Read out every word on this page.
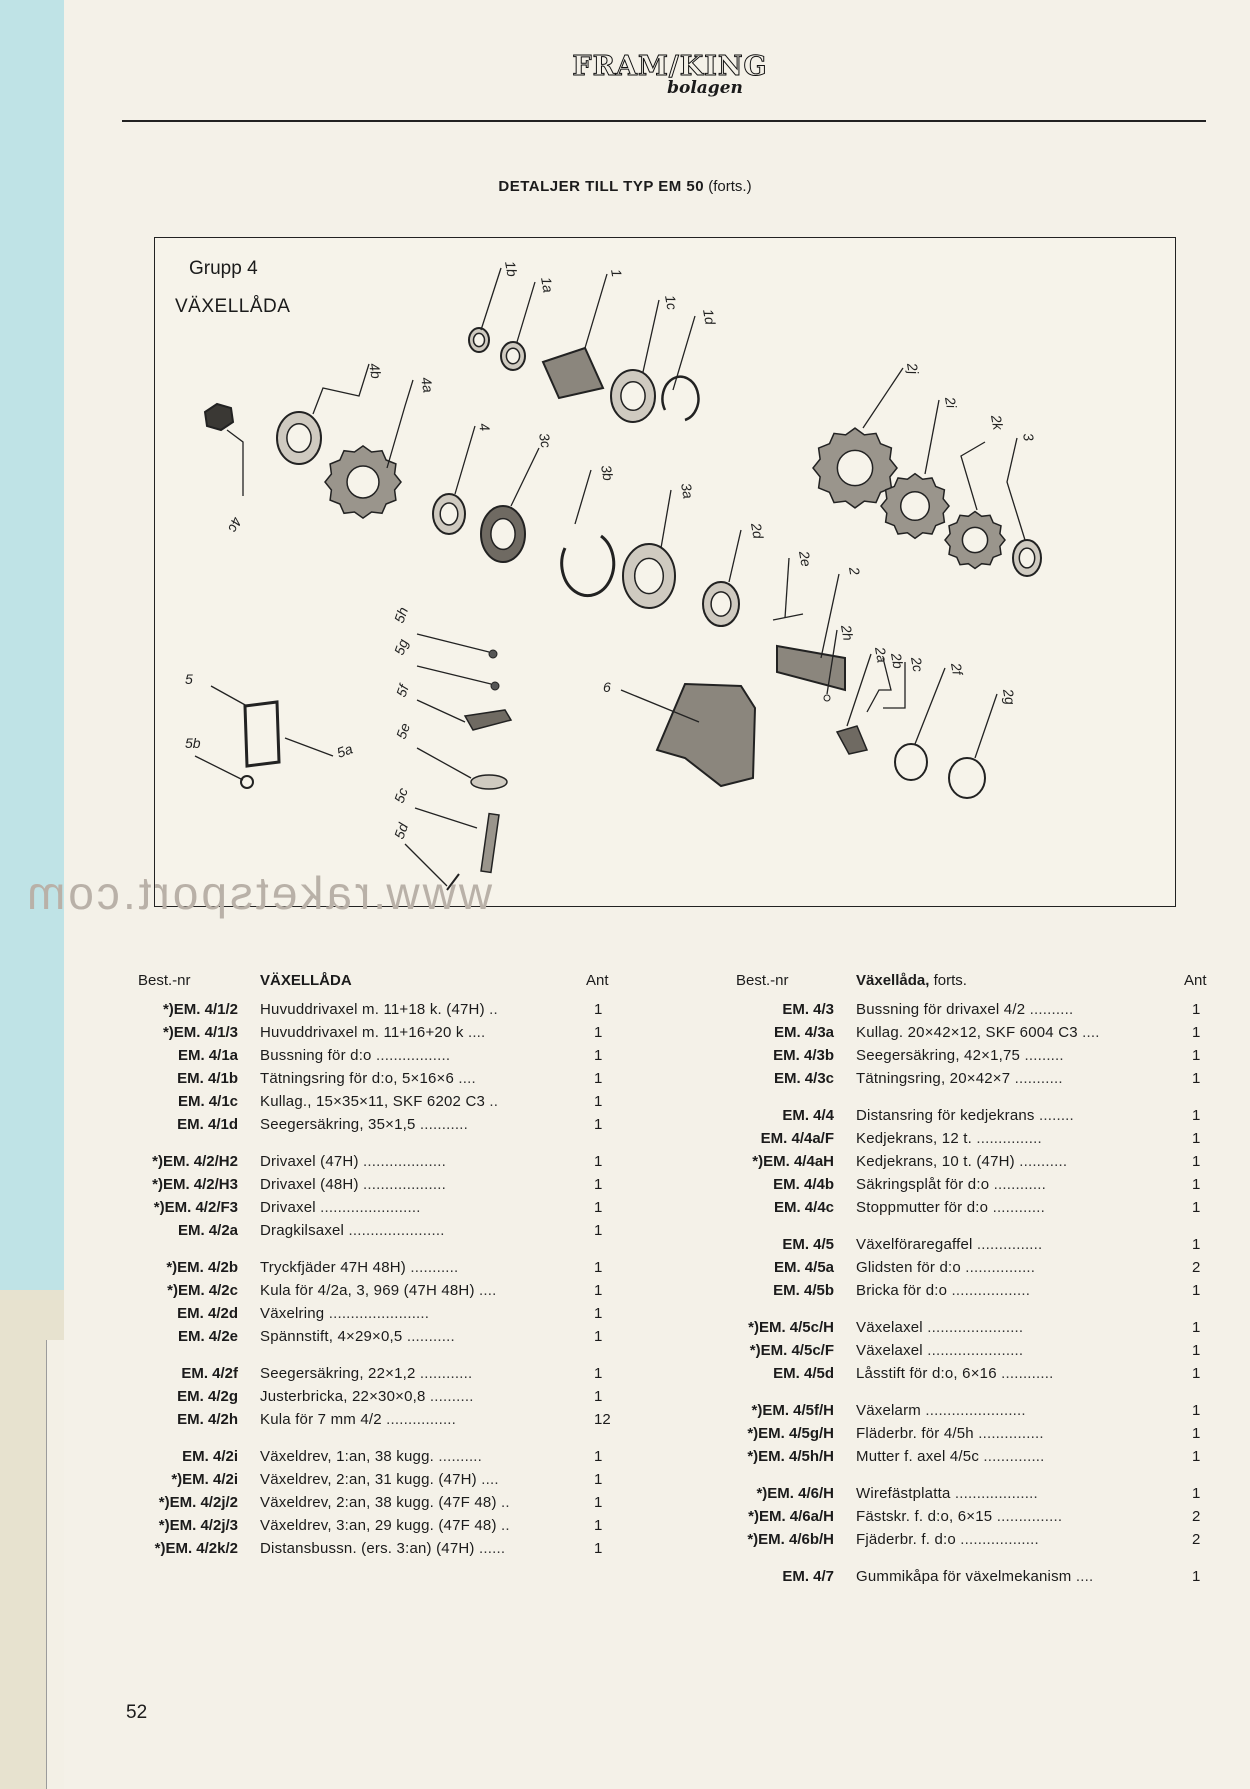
FRAM/KING
bolagen
DETALJER TILL TYP EM 50 (forts.)
Grupp 4
VÄXELLÅDA
4c
4b
4a
4
3c
3b
3a
2d
2e
2
2j
2i
2k
3
1b
1a
1
1c
1d
2h
2a
2b 2c 2f
2g
5
5b	5a
5h
5g
5f
5e
5c
5d
6
www.raketsport.com
Best.-nr	VÄXELLÅDA	Ant
*)EM. 4/1/2 Huvuddrivaxel m. 11+18 k. (47H) ..	1
*)EM. 4/1/3 Huvuddrivaxel m. 11+16+20 k ....	1
EM. 4/1a Bussning för d:o .................	1
EM. 4/1b Tätningsring för d:o, 5×16×6 ....	1
EM. 4/1c Kullag., 15×35×11, SKF 6202 C3 ..	1
EM. 4/1d Seegersäkring, 35×1,5 ...........	1
*)EM. 4/2/H2 Drivaxel (47H) ...................	1
*)EM. 4/2/H3 Drivaxel (48H) ...................	1
*)EM. 4/2/F3 Drivaxel .......................	1
EM. 4/2a Dragkilsaxel ......................	1
*)EM. 4/2b Tryckfjäder 47H 48H) ...........	1
*)EM. 4/2c Kula för 4/2a, 3, 969 (47H 48H) ....	1
EM. 4/2d Växelring .......................	1
EM. 4/2e Spännstift, 4×29×0,5 ...........	1
EM. 4/2f Seegersäkring, 22×1,2 ............	1
EM. 4/2g Justerbricka, 22×30×0,8 ..........	1
EM. 4/2h Kula för 7 mm 4/2 ................	12
EM. 4/2i Växeldrev, 1:an, 38 kugg. ..........	1
*)EM. 4/2i Växeldrev, 2:an, 31 kugg. (47H) ....	1
*)EM. 4/2j/2 Växeldrev, 2:an, 38 kugg. (47F 48) ..	1
*)EM. 4/2j/3 Växeldrev, 3:an, 29 kugg. (47F 48) ..	1
*)EM. 4/2k/2 Distansbussn. (ers. 3:an) (47H) ......	1
Best.-nr	Växellåda, forts.	Ant
EM. 4/3 Bussning för drivaxel 4/2 ..........	1
EM. 4/3a Kullag. 20×42×12, SKF 6004 C3 ....	1
EM. 4/3b Seegersäkring, 42×1,75 .........	1
EM. 4/3c Tätningsring, 20×42×7 ...........	1
EM. 4/4 Distansring för kedjekrans ........	1
EM. 4/4a/F Kedjekrans, 12 t. ...............	1
*)EM. 4/4aH Kedjekrans, 10 t. (47H) ...........	1
EM. 4/4b Säkringsplåt för d:o ............	1
EM. 4/4c Stoppmutter för d:o ............	1
EM. 4/5 Växelföraregaffel ...............	1
EM. 4/5a Glidsten för d:o ................	2
EM. 4/5b Bricka för d:o ..................	1
*)EM. 4/5c/H Växelaxel ......................	1
*)EM. 4/5c/F Växelaxel ......................	1
EM. 4/5d Låsstift för d:o, 6×16 ............	1
*)EM. 4/5f/H Växelarm .......................	1
*)EM. 4/5g/H Fläderbr. för 4/5h ...............	1
*)EM. 4/5h/H Mutter f. axel 4/5c ..............	1
*)EM. 4/6/H Wirefästplatta ...................	1
*)EM. 4/6a/H Fästskr. f. d:o, 6×15 ...............	2
*)EM. 4/6b/H Fjäderbr. f. d:o ..................	2
EM. 4/7 Gummikåpa för växelmekanism ....	1
52
